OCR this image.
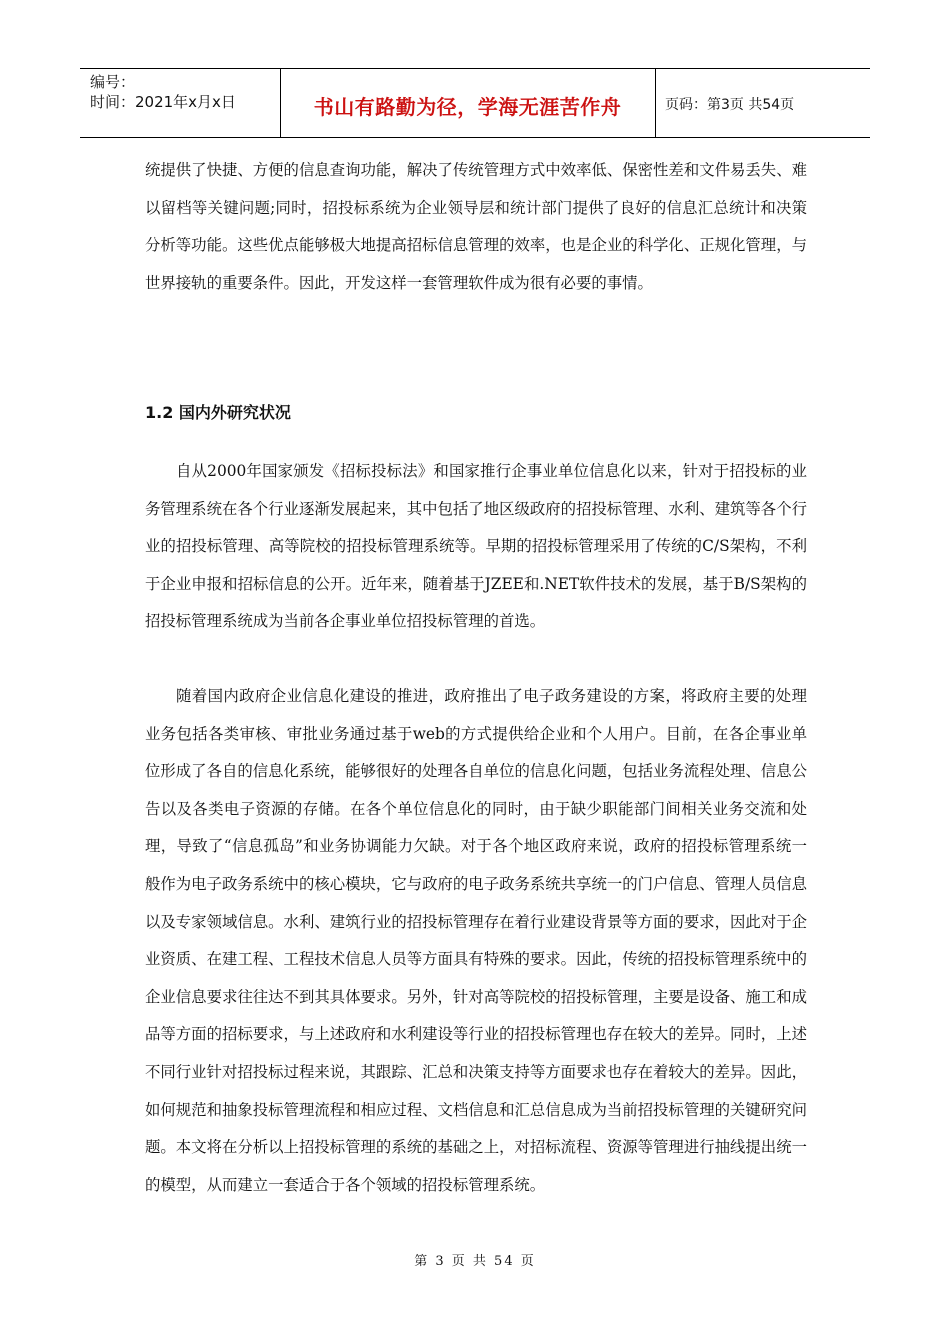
编号：
时间：2021年x月x日	书山有路勤为径，学海无涯苦作舟	页码：第3页 共54页

统提供了快捷、方便的信息查询功能，解决了传统管理方式中效率低、保密性差和文件易丢失、难以留档等关键问题;同时，招投标系统为企业领导层和统计部门提供了良好的信息汇总统计和决策分析等功能。这些优点能够极大地提高招标信息管理的效率，也是企业的科学化、正规化管理，与世界接轨的重要条件。因此，开发这样一套管理软件成为很有必要的事情。

1.2 国内外研究状况

自从2000年国家颁发《招标投标法》和国家推行企事业单位信息化以来，针对于招投标的业务管理系统在各个行业逐渐发展起来，其中包括了地区级政府的招投标管理、水利、建筑等各个行业的招投标管理、高等院校的招投标管理系统等。早期的招投标管理采用了传统的C/S架构，不利于企业申报和招标信息的公开。近年来，随着基于JZEE和.NET软件技术的发展，基于B/S架构的招投标管理系统成为当前各企事业单位招投标管理的首选。

随着国内政府企业信息化建设的推进，政府推出了电子政务建设的方案，将政府主要的处理业务包括各类审核、审批业务通过基于web的方式提供给企业和个人用户。目前，在各企事业单位形成了各自的信息化系统，能够很好的处理各自单位的信息化问题，包括业务流程处理、信息公告以及各类电子资源的存储。在各个单位信息化的同时，由于缺少职能部门间相关业务交流和处理，导致了“信息孤岛”和业务协调能力欠缺。对于各个地区政府来说，政府的招投标管理系统一般作为电子政务系统中的核心模块，它与政府的电子政务系统共享统一的门户信息、管理人员信息以及专家领域信息。水利、建筑行业的招投标管理存在着行业建设背景等方面的要求，因此对于企业资质、在建工程、工程技术信息人员等方面具有特殊的要求。因此，传统的招投标管理系统中的企业信息要求往往达不到其具体要求。另外，针对高等院校的招投标管理，主要是设备、施工和成品等方面的招标要求，与上述政府和水利建设等行业的招投标管理也存在较大的差异。同时，上述不同行业针对招投标过程来说，其跟踪、汇总和决策支持等方面要求也存在着较大的差异。因此，如何规范和抽象投标管理流程和相应过程、文档信息和汇总信息成为当前招投标管理的关键研究问题。本文将在分析以上招投标管理的系统的基础之上，对招标流程、资源等管理进行抽线提出统一的模型，从而建立一套适合于各个领域的招投标管理系统。

第 3 页 共 54 页
